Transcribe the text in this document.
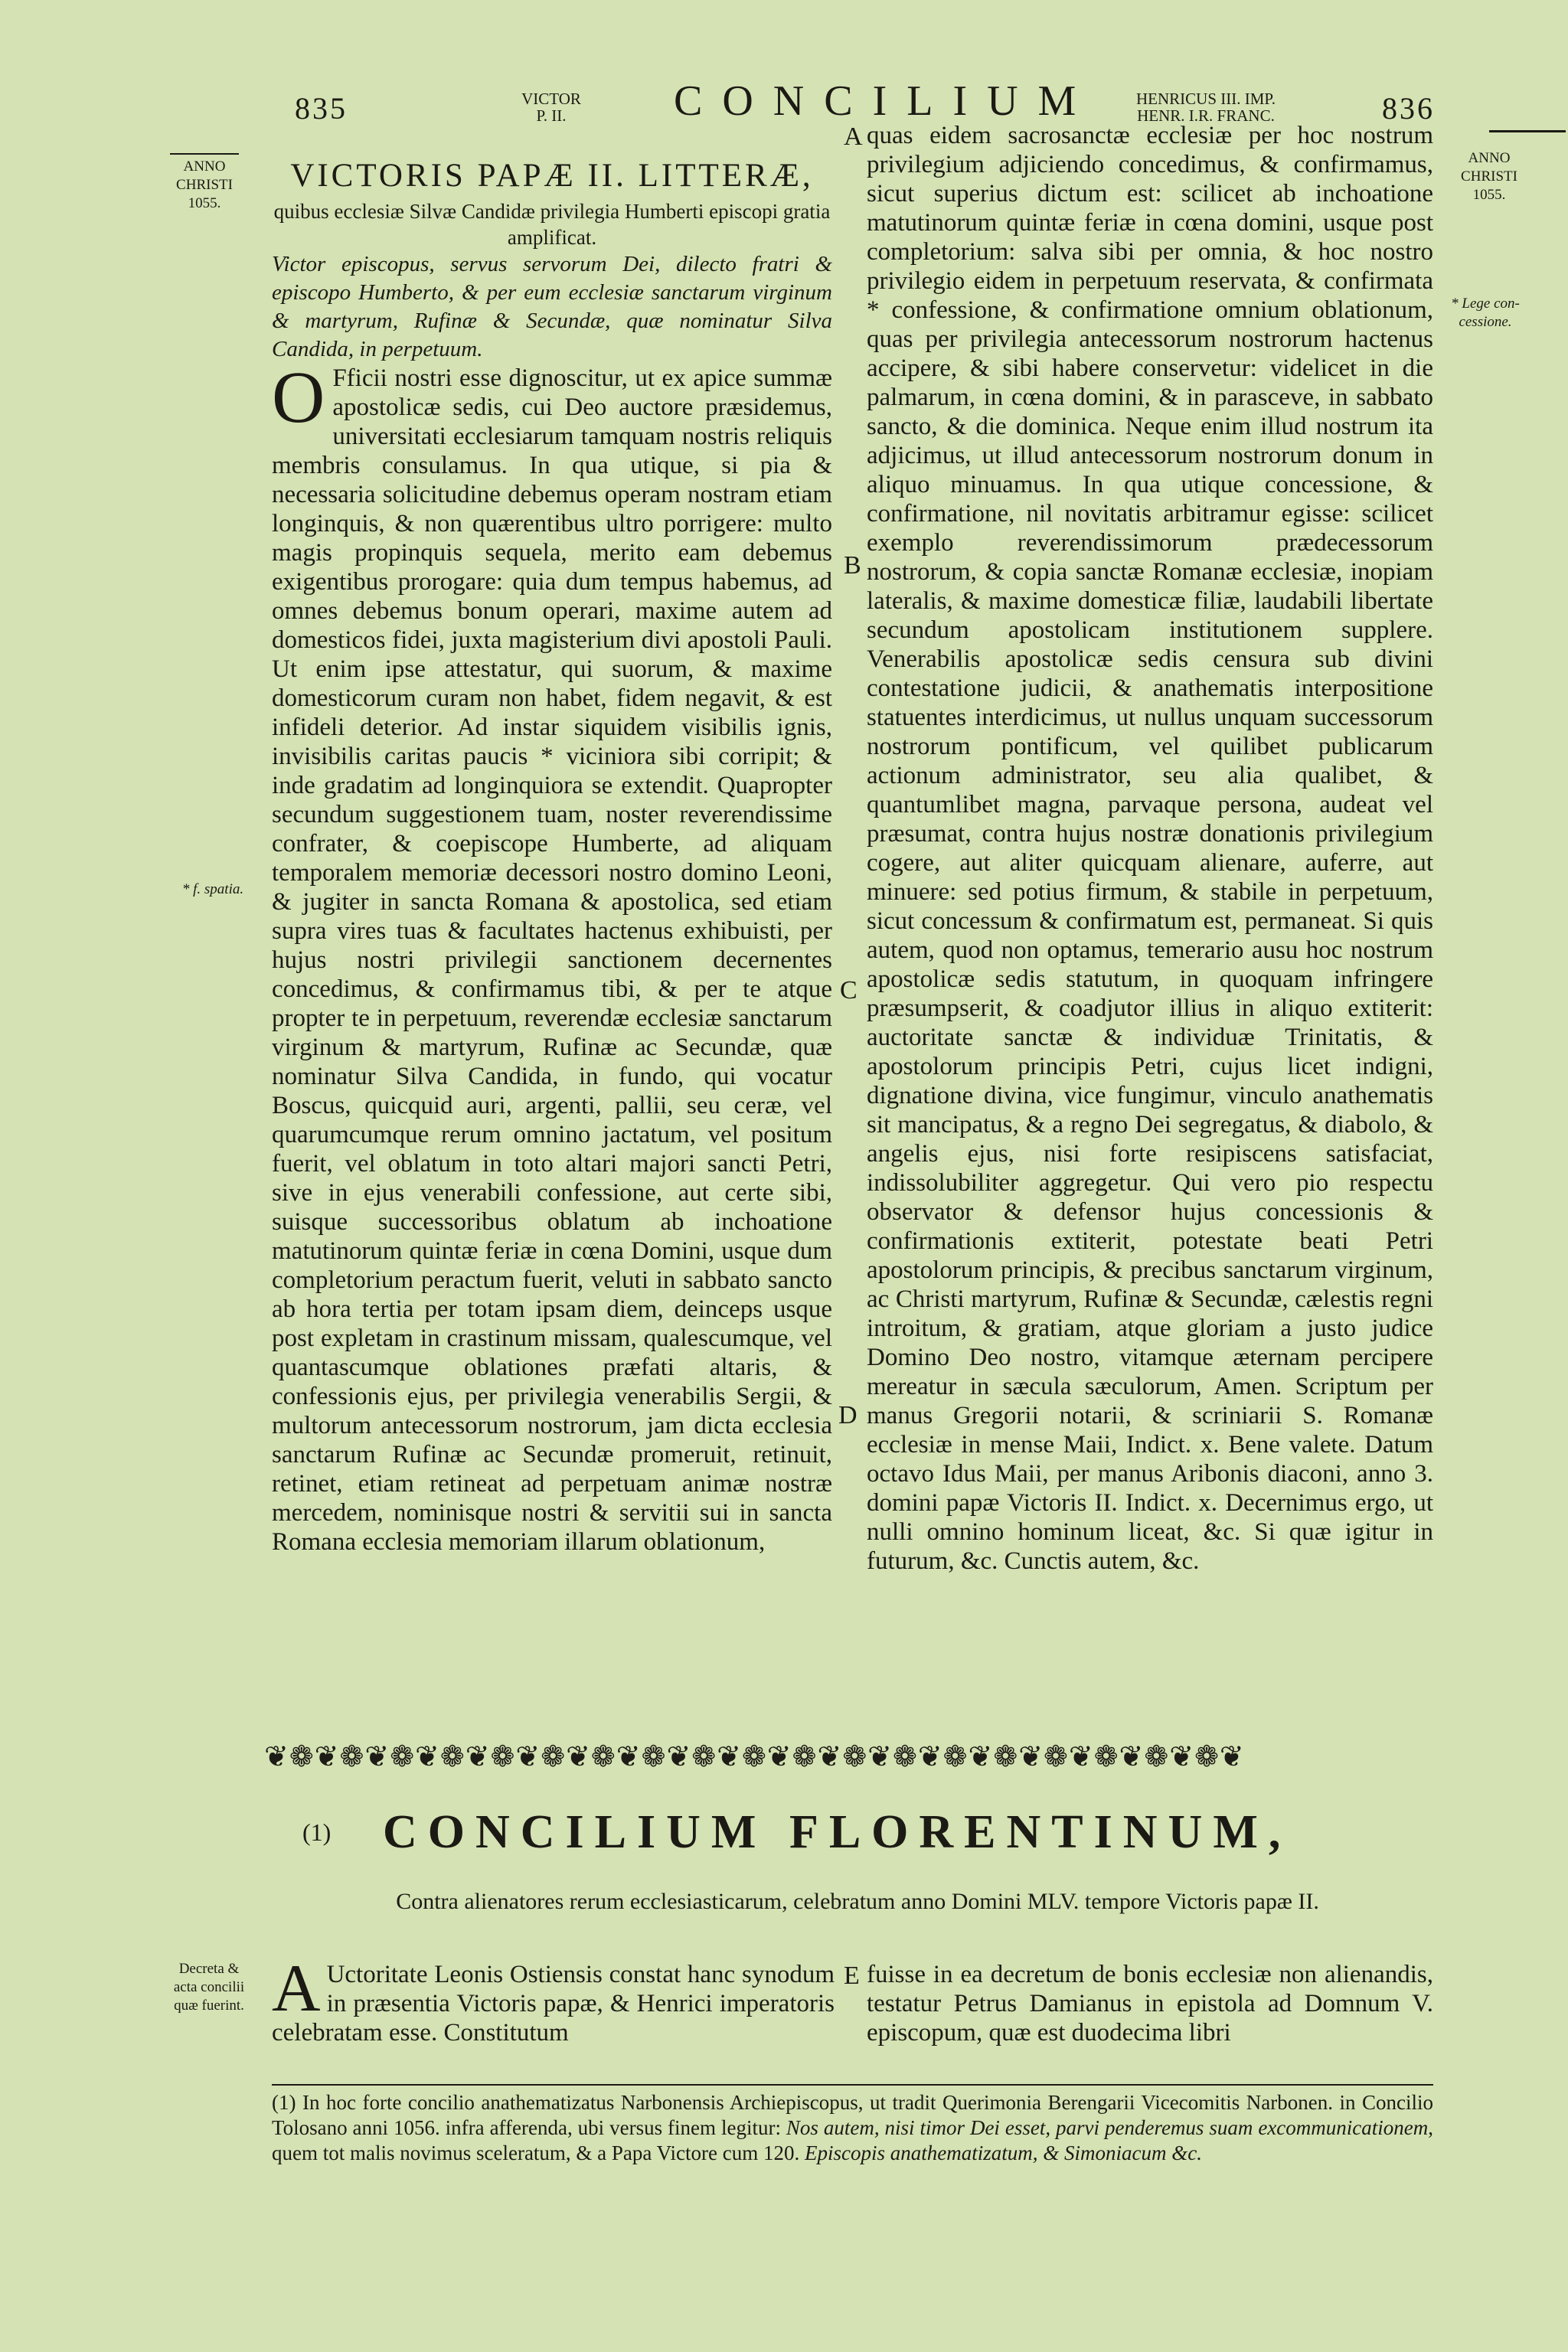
835	VICTOR
P. II.	CONCILIUM	HENRICUS III. IMP.
HENR. I.R. FRANC.	836
ANNO
CHRISTI
1055.
* f. spatia.
Decreta &
acta concilii
quæ fuerint.
ANNO
CHRISTI
1055.
* Lege con-
cessione.
A
B
C
D
E
VICTORIS PAPÆ II. LITTERÆ,
quibus ecclesiæ Silvæ Candidæ privilegia Humberti episcopi gratia amplificat.

Victor episcopus, servus servorum Dei, dilecto fratri & episcopo Humberto, & per eum ecclesiæ sanctarum virginum & martyrum, Rufinæ & Secundæ, quæ nominatur Silva Candida, in perpetuum.

O Fficii nostri esse dignoscitur, ut ex apice summæ apostolicæ sedis, cui Deo auctore præsidemus, universitati ecclesiarum tamquam nostris reliquis membris consulamus. In qua utique, si pia & necessaria solicitudine debemus operam nostram etiam longinquis, & non quærentibus ultro porrigere: multo magis propinquis sequela, merito eam debemus exigentibus prorogare: quia dum tempus habemus, ad omnes debemus bonum operari, maxime autem ad domesticos fidei, juxta magisterium divi apostoli Pauli. Ut enim ipse attestatur, qui suorum, & maxime domesticorum curam non habet, fidem negavit, & est infideli deterior. Ad instar siquidem visibilis ignis, invisibilis caritas paucis * viciniora sibi corripit; & inde gradatim ad longinquiora se extendit. Quapropter secundum suggestionem tuam, noster reverendissime confrater, & coepiscope Humberte, ad aliquam temporalem memoriæ decessori nostro domino Leoni, & jugiter in sancta Romana & apostolica, sed etiam supra vires tuas & facultates hactenus exhibuisti, per hujus nostri privilegii sanctionem decernentes concedimus, & confirmamus tibi, & per te atque propter te in perpetuum, reverendæ ecclesiæ sanctarum virginum & martyrum, Rufinæ ac Secundæ, quæ nominatur Silva Candida, in fundo, qui vocatur Boscus, quicquid auri, argenti, pallii, seu ceræ, vel quarumcumque rerum omnino jactatum, vel positum fuerit, vel oblatum in toto altari majori sancti Petri, sive in ejus venerabili confessione, aut certe sibi, suisque successoribus oblatum ab inchoatione matutinorum quintæ feriæ in cœna Domini, usque dum completorium peractum fuerit, veluti in sabbato sancto ab hora tertia per totam ipsam diem, deinceps usque post expletam in crastinum missam, qualescumque, vel quantascumque oblationes præfati altaris, & confessionis ejus, per privilegia venerabilis Sergii, & multorum antecessorum nostrorum, jam dicta ecclesia sanctarum Rufinæ ac Secundæ promeruit, retinuit, retinet, etiam retineat ad perpetuam animæ nostræ mercedem, nominisque nostri & servitii sui in sancta Romana ecclesia memoriam illarum oblationum,

quas eidem sacrosanctæ ecclesiæ per hoc nostrum privilegium adjiciendo concedimus, & confirmamus, sicut superius dictum est: scilicet ab inchoatione matutinorum quintæ feriæ in cœna domini, usque post completorium: salva sibi per omnia, & hoc nostro privilegio eidem in perpetuum reservata, & confirmata * confessione, & confirmatione omnium oblationum, quas per privilegia antecessorum nostrorum hactenus accipere, & sibi habere conservetur: videlicet in die palmarum, in cœna domini, & in parasceve, in sabbato sancto, & die dominica. Neque enim illud nostrum ita adjicimus, ut illud antecessorum nostrorum donum in aliquo minuamus. In qua utique concessione, & confirmatione, nil novitatis arbitramur egisse: scilicet exemplo reverendissimorum prædecessorum nostrorum, & copia sanctæ Romanæ ecclesiæ, inopiam lateralis, & maxime domesticæ filiæ, laudabili libertate secundum apostolicam institutionem supplere. Venerabilis apostolicæ sedis censura sub divini contestatione judicii, & anathematis interpositione statuentes interdicimus, ut nullus unquam successorum nostrorum pontificum, vel quilibet publicarum actionum administrator, seu alia qualibet, & quantumlibet magna, parvaque persona, audeat vel præsumat, contra hujus nostræ donationis privilegium cogere, aut aliter quicquam alienare, auferre, aut minuere: sed potius firmum, & stabile in perpetuum, sicut concessum & confirmatum est, permaneat. Si quis autem, quod non optamus, temerario ausu hoc nostrum apostolicæ sedis statutum, in quoquam infringere præsumpserit, & coadjutor illius in aliquo extiterit: auctoritate sanctæ & individuæ Trinitatis, & apostolorum principis Petri, cujus licet indigni, dignatione divina, vice fungimur, vinculo anathematis sit mancipatus, & a regno Dei segregatus, & diabolo, & angelis ejus, nisi forte resipiscens satisfaciat, indissolubiliter aggregetur. Qui vero pio respectu observator & defensor hujus concessionis & confirmationis extiterit, potestate beati Petri apostolorum principis, & precibus sanctarum virginum, ac Christi martyrum, Rufinæ & Secundæ, cælestis regni introitum, & gratiam, atque gloriam a justo judice Domino Deo nostro, vitamque æternam percipere mereatur in sæcula sæculorum, Amen. Scriptum per manus Gregorii notarii, & scriniarii S. Romanæ ecclesiæ in mense Maii, Indict. x. Bene valete. Datum octavo Idus Maii, per manus Aribonis diaconi, anno 3. domini papæ Victoris II. Indict. x. Decernimus ergo, ut nulli omnino hominum liceat, &c. Si quæ igitur in futurum, &c. Cunctis autem, &c.

❦❁❦❁❦❁❦❁❦❁❦❁❦❁❦❁❦❁❦❁❦❁❦❁❦❁❦❁❦❁❦❁❦❁❦❁❦❁❦
(1) CONCILIUM FLORENTINUM,
Contra alienatores rerum ecclesiasticarum, celebratum anno Domini MLV. tempore Victoris papæ II.
A Uctoritate Leonis Ostiensis constat hanc synodum in præsentia Victoris papæ, & Henrici imperatoris celebratam esse. Constitutum
fuisse in ea decretum de bonis ecclesiæ non alienandis, testatur Petrus Damianus in epistola ad Domnum V. episcopum, quæ est duodecima libri
(1) In hoc forte concilio anathematizatus Narbonensis Archiepiscopus, ut tradit Querimonia Berengarii Vicecomitis Narbonen. in Concilio Tolosano anni 1056. infra afferenda, ubi versus finem legitur: Nos autem, nisi timor Dei esset, parvi penderemus suam excommunicationem, quem tot malis novimus sceleratum, & a Papa Victore cum 120. Episcopis anathematizatum, & Simoniacum &c.
